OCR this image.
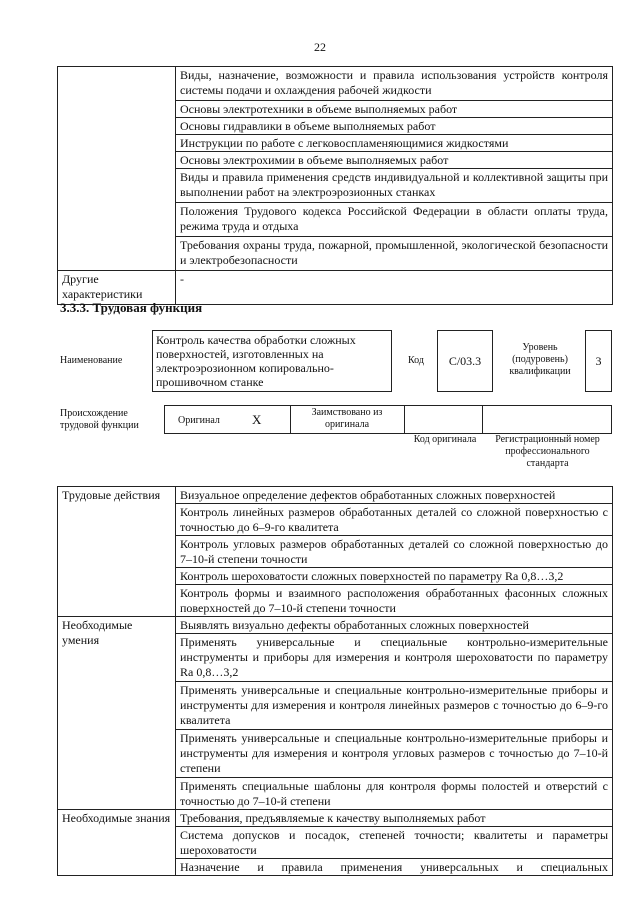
22
	Виды, назначение, возможности и правила использования устройств контроля системы подачи и охлаждения рабочей жидкости
	Основы электротехники в объеме выполняемых работ
	Основы гидравлики в объеме выполняемых работ
	Инструкции по работе с легковоспламеняющимися жидкостями
	Основы электрохимии в объеме выполняемых работ
	Виды и правила применения средств индивидуальной и коллективной защиты при выполнении работ на электроэрозионных станках
	Положения Трудового кодекса Российской Федерации в области оплаты труда, режима труда и отдыха
	Требования охраны труда, пожарной, промышленной, экологической безопасности и электробезопасности
Другие характеристики	-
3.3.3. Трудовая функция
Наименование
Контроль качества обработки сложных поверхностей, изготовленных на электроэрозионном копировально-прошивочном станке
Код С/03.3
Уровень (подуровень) квалификации
3
Происхождение трудовой функции	Оригинал X	Заимствовано из оригинала
Код оригинала	Регистрационный номер профессионального стандарта
Трудовые действия	Визуальное определение дефектов обработанных сложных поверхностей
	Контроль линейных размеров обработанных деталей со сложной поверхностью с точностью до 6–9-го квалитета
	Контроль угловых размеров обработанных деталей со сложной поверхностью до 7–10-й степени точности
	Контроль шероховатости сложных поверхностей по параметру Ra 0,8…3,2
	Контроль формы и взаимного расположения обработанных фасонных сложных поверхностей до 7–10-й степени точности
Необходимые умения	Выявлять визуально дефекты обработанных сложных поверхностей
	Применять универсальные и специальные контрольно-измерительные инструменты и приборы для измерения и контроля шероховатости по параметру Ra 0,8…3,2
	Применять универсальные и специальные контрольно-измерительные приборы и инструменты для измерения и контроля линейных размеров с точностью до 6–9-го квалитета
	Применять универсальные и специальные контрольно-измерительные приборы и инструменты для измерения и контроля угловых размеров с точностью до 7–10-й степени
	Применять специальные шаблоны для контроля формы полостей и отверстий с точностью до 7–10-й степени
Необходимые знания	Требования, предъявляемые к качеству выполняемых работ
	Система допусков и посадок, степеней точности; квалитеты и параметры шероховатости
	Назначение и правила применения универсальных и специальных
